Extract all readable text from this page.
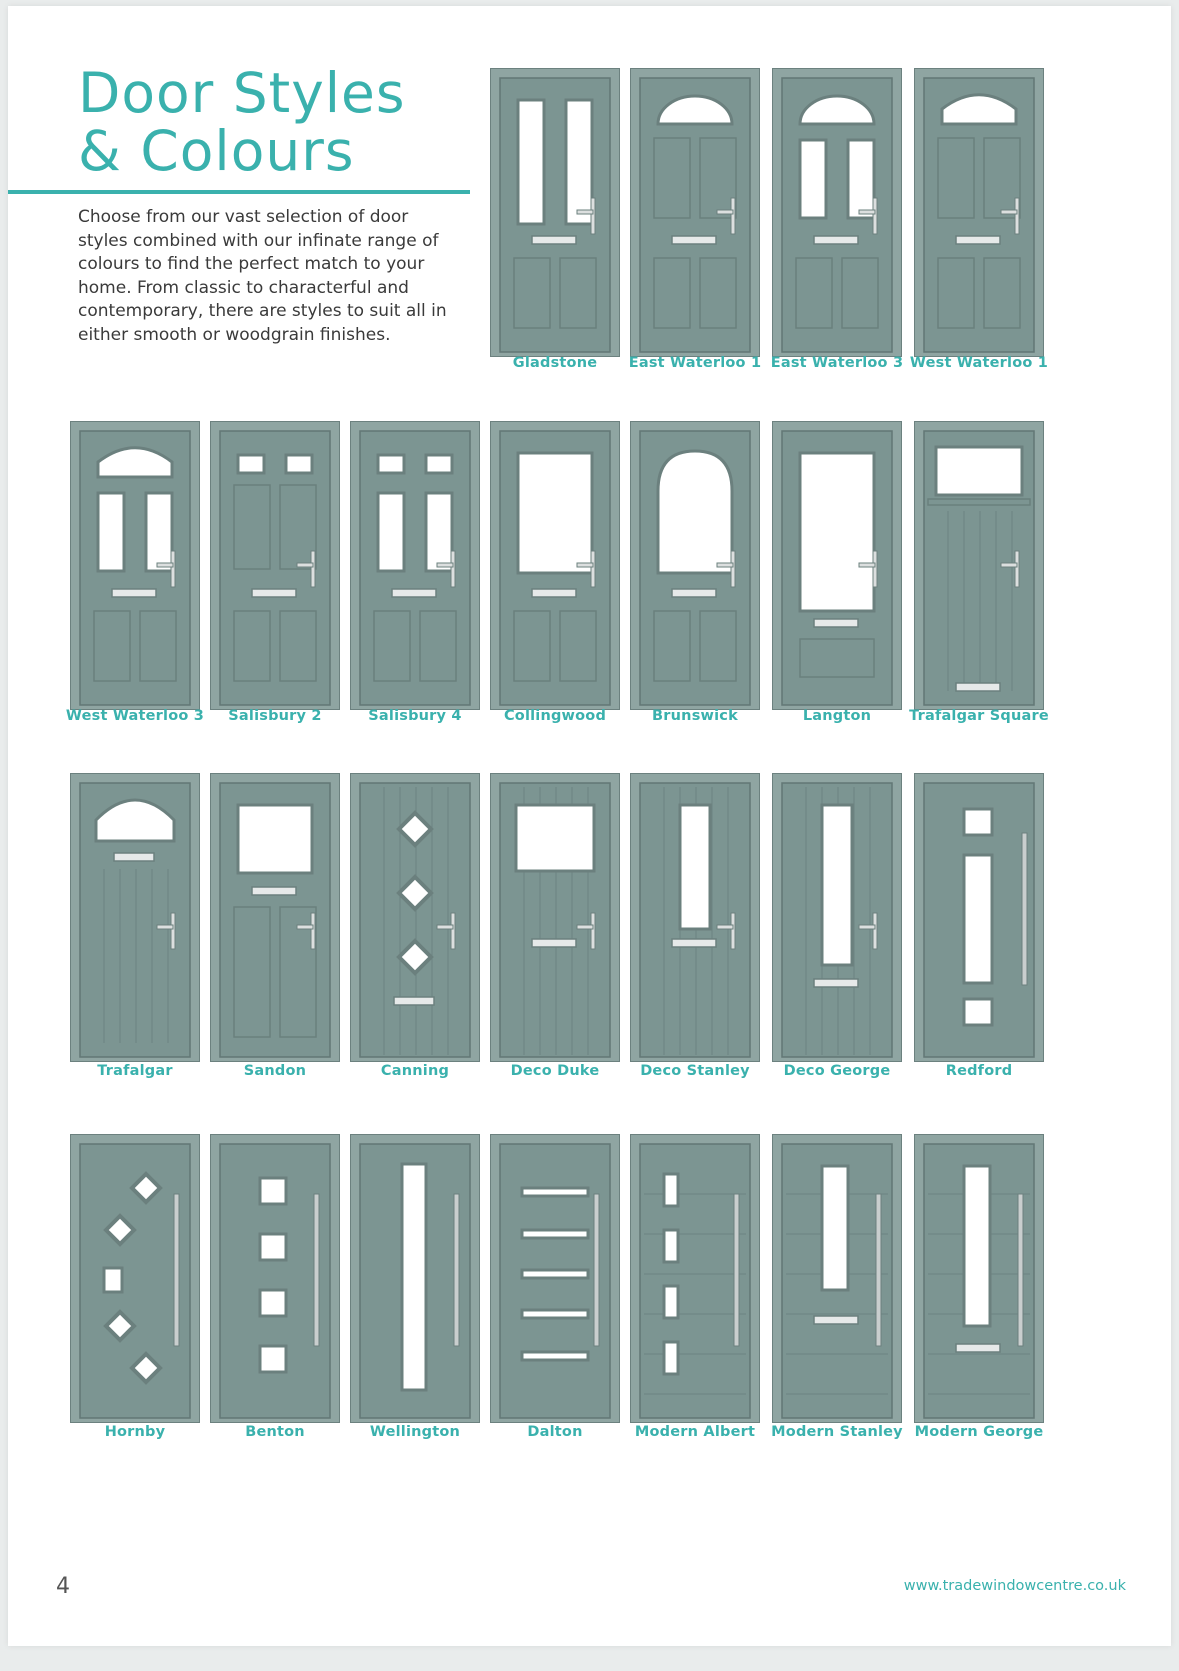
Door Styles
& Colours

Choose from our vast selection of door styles combined with our infinate range of colours to find the perfect match to your home. From classic to characterful and contemporary, there are styles to suit all in either smooth or woodgrain finishes.

Gladstone	East Waterloo 1 East Waterloo 3 West Waterloo 1
West Waterloo 3	Salisbury 2	Salisbury 4	Collingwood	Brunswick	Langton	Trafalgar Square
Trafalgar	Sandon	Canning	Deco Duke	Deco Stanley	Deco George	Redford
Hornby	Benton	Wellington	Dalton	Modern Albert	Modern Stanley Modern George
4	www.tradewindowcentre.co.uk
